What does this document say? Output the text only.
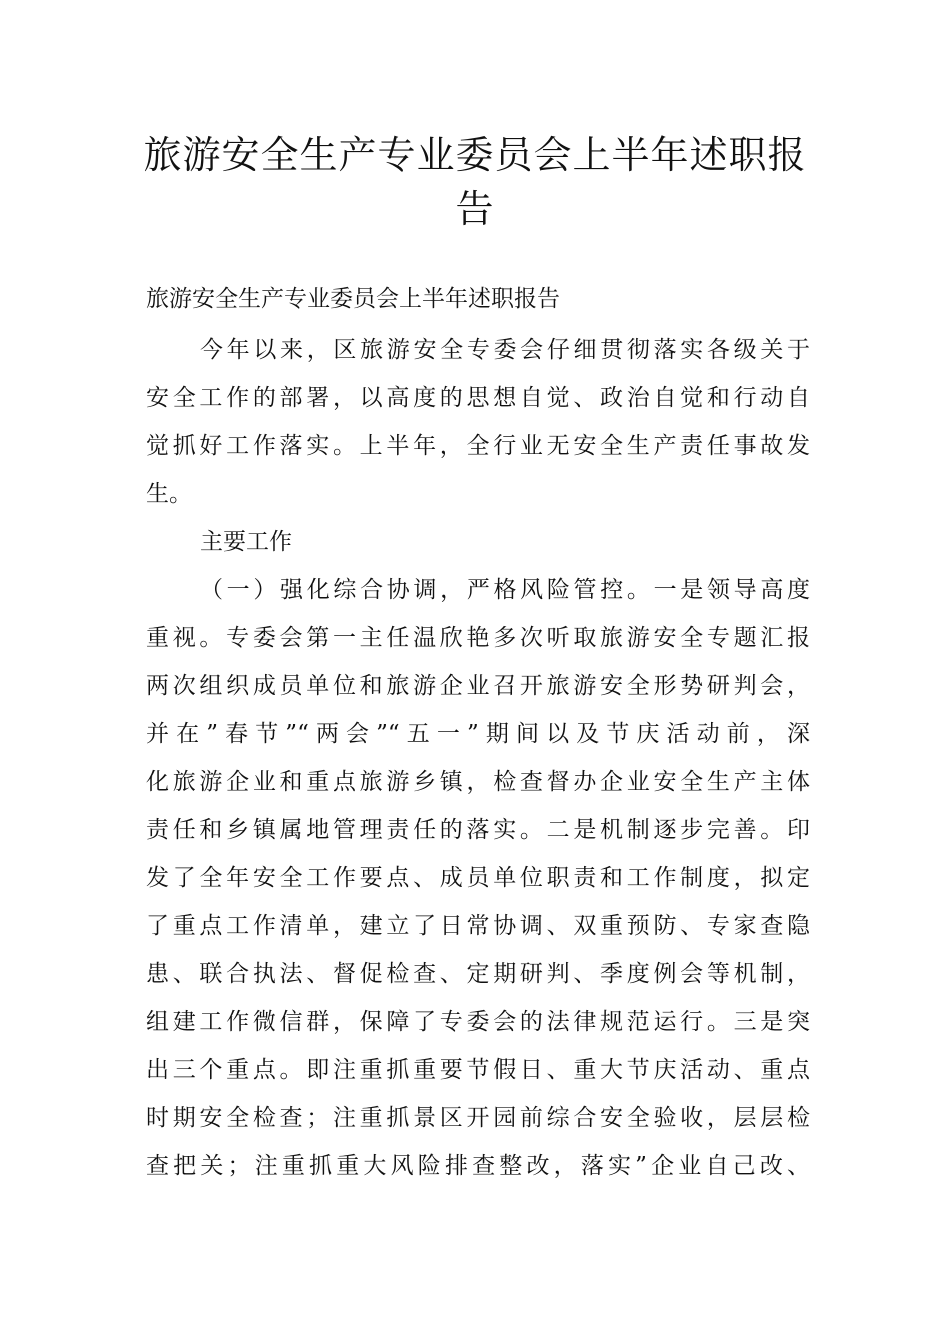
旅游安全生产专业委员会上半年述职报
告

旅游安全生产专业委员会上半年述职报告

今年以来，区旅游安全专委会仔细贯彻落实各级关于
安全工作的部署，以高度的思想自觉、政治自觉和行动自
觉抓好工作落实。上半年，全行业无安全生产责任事故发
生。

主要工作

（一）强化综合协调，严格风险管控。一是领导高度
重视。专委会第一主任温欣艳多次听取旅游安全专题汇报
两次组织成员单位和旅游企业召开旅游安全形势研判会，
并在”春节”“两会”“五一”期间以及节庆活动前，深
化旅游企业和重点旅游乡镇，检查督办企业安全生产主体
责任和乡镇属地管理责任的落实。二是机制逐步完善。印
发了全年安全工作要点、成员单位职责和工作制度，拟定
了重点工作清单，建立了日常协调、双重预防、专家查隐
患、联合执法、督促检查、定期研判、季度例会等机制，
组建工作微信群，保障了专委会的法律规范运行。三是突
出三个重点。即注重抓重要节假日、重大节庆活动、重点
时期安全检查；注重抓景区开园前综合安全验收，层层检
查把关；注重抓重大风险排查整改，落实”企业自己改、
